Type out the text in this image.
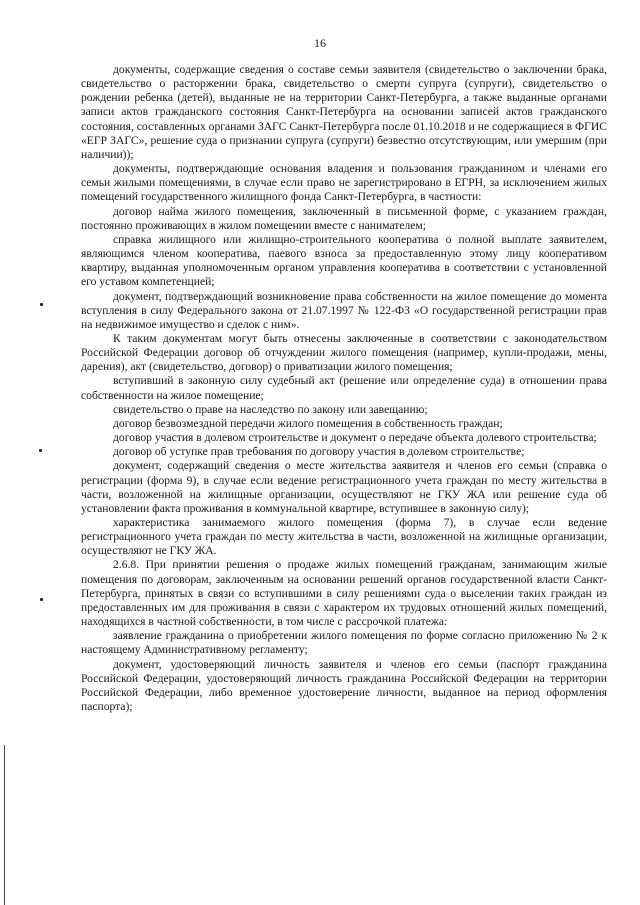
16

документы, содержащие сведения о составе семьи заявителя (свидетельство о заключении брака, свидетельство о расторжении брака, свидетельство о смерти супруга (супруги), свидетельство о рождении ребенка (детей), выданные не на территории Санкт-Петербурга, а также выданные органами записи актов гражданского состояния Санкт-Петербурга на основании записей актов гражданского состояния, составленных органами ЗАГС Санкт-Петербурга после 01.10.2018 и не содержащиеся в ФГИС «ЕГР ЗАГС», решение суда о признании супруга (супруги) безвестно отсутствующим, или умершим (при наличии));

документы, подтверждающие основания владения и пользования гражданином и членами его семьи жилыми помещениями, в случае если право не зарегистрировано в ЕГРН, за исключением жилых помещений государственного жилищного фонда Санкт-Петербурга, в частности:

договор найма жилого помещения, заключенный в письменной форме, с указанием граждан, постоянно проживающих в жилом помещении вместе с нанимателем;

справка жилищного или жилищно-строительного кооператива о полной выплате заявителем, являющимся членом кооператива, паевого взноса за предоставленную этому лицу кооперативом квартиру, выданная уполномоченным органом управления кооператива в соответствии с установленной его уставом компетенцией;

документ, подтверждающий возникновение права собственности на жилое помещение до момента вступления в силу Федерального закона от 21.07.1997 № 122-ФЗ «О государственной регистрации прав на недвижимое имущество и сделок с ним».

К таким документам могут быть отнесены заключенные в соответствии с законодательством Российской Федерации договор об отчуждении жилого помещения (например, купли-продажи, мены, дарения), акт (свидетельство, договор) о приватизации жилого помещения;

вступивший в законную силу судебный акт (решение или определение суда) в отношении права собственности на жилое помещение;

свидетельство о праве на наследство по закону или завещанию;

договор безвозмездной передачи жилого помещения в собственность граждан;

договор участия в долевом строительстве и документ о передаче объекта долевого строительства;

договор об уступке прав требования по договору участия в долевом строительстве;

документ, содержащий сведения о месте жительства заявителя и членов его семьи (справка о регистрации (форма 9), в случае если ведение регистрационного учета граждан по месту жительства в части, возложенной на жилищные организации, осуществляют не ГКУ ЖА или решение суда об установлении факта проживания в коммунальной квартире, вступившее в законную силу);

характеристика занимаемого жилого помещения (форма 7), в случае если ведение регистрационного учета граждан по месту жительства в части, возложенной на жилищные организации, осуществляют не ГКУ ЖА.

2.6.8. При принятии решения о продаже жилых помещений гражданам, занимающим жилые помещения по договорам, заключенным на основании решений органов государственной власти Санкт-Петербурга, принятых в связи со вступившими в силу решениями суда о выселении таких граждан из предоставленных им для проживания в связи с характером их трудовых отношений жилых помещений, находящихся в частной собственности, в том числе с рассрочкой платежа:

заявление гражданина о приобретении жилого помещения по форме согласно приложению № 2 к настоящему Административному регламенту;

документ, удостоверяющий личность заявителя и членов его семьи (паспорт гражданина Российской Федерации, удостоверяющий личность гражданина Российской Федерации на территории Российской Федерации, либо временное удостоверение личности, выданное на период оформления паспорта);
